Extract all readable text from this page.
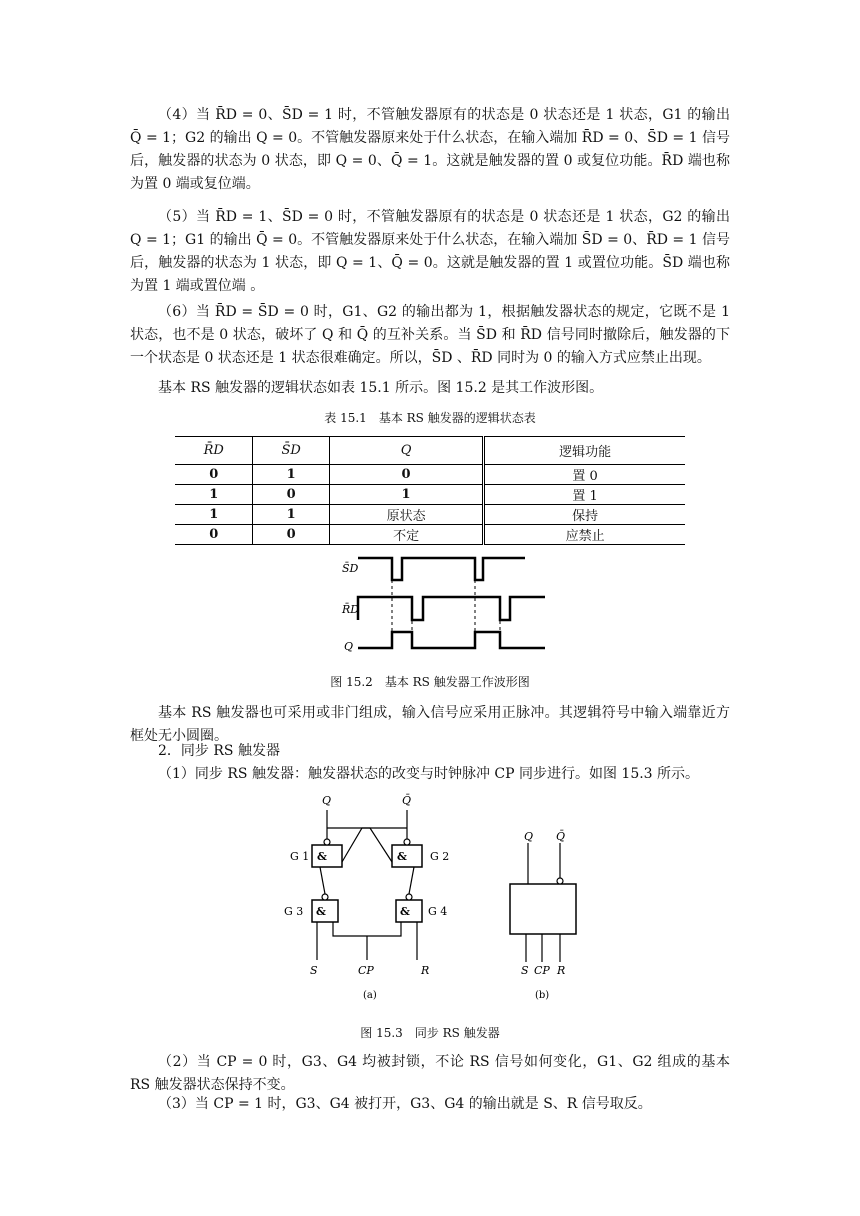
（4）当 R̄D = 0、S̄D = 1 时，不管触发器原有的状态是 0 状态还是 1 状态，G1 的输出 Q̄ = 1；G2 的输出 Q = 0。不管触发器原来处于什么状态，在输入端加 R̄D = 0、S̄D = 1 信号后，触发器的状态为 0 状态，即 Q = 0、Q̄ = 1。这就是触发器的置 0 或复位功能。R̄D 端也称为置 0 端或复位端。

（5）当 R̄D = 1、S̄D = 0 时，不管触发器原有的状态是 0 状态还是 1 状态，G2 的输出 Q = 1；G1 的输出 Q̄ = 0。不管触发器原来处于什么状态，在输入端加 S̄D = 0、R̄D = 1 信号后，触发器的状态为 1 状态，即 Q = 1、Q̄ = 0。这就是触发器的置 1 或置位功能。S̄D 端也称为置 1 端或置位端 。

（6）当 R̄D = S̄D = 0 时，G1、G2 的输出都为 1，根据触发器状态的规定，它既不是 1 状态，也不是 0 状态，破坏了 Q 和 Q̄ 的互补关系。当 S̄D 和 R̄D 信号同时撤除后，触发器的下一个状态是 0 状态还是 1 状态很难确定。所以，S̄D 、R̄D 同时为 0 的输入方式应禁止出现。

基本 RS 触发器的逻辑状态如表 15.1 所示。图 15.2 是其工作波形图。

表 15.1　基本 RS 触发器的逻辑状态表
R̄D	S̄D	Q	逻辑功能
0	1	0	置 0
1	0	1	置 1
1	1	原状态	保持
0	0	不定	应禁止
S̄D
R̄D
Q
图 15.2　基本 RS 触发器工作波形图

基本 RS 触发器也可采用或非门组成，输入信号应采用正脉冲。其逻辑符号中输入端靠近方框处无小圆圈。

2．同步 RS 触发器

（1）同步 RS 触发器：触发器状态的改变与时钟脉冲 CP 同步进行。如图 15.3 所示。

&	&
&	&
G 1	G 2
G 3	G 4
Q	Q̄
S	CP	R
Q Q̄
S CP R
(a)	(b)
图 15.3　同步 RS 触发器

（2）当 CP = 0 时，G3、G4 均被封锁，不论 RS 信号如何变化，G1、G2 组成的基本 RS 触发器状态保持不变。

（3）当 CP = 1 时，G3、G4 被打开，G3、G4 的输出就是 S、R 信号取反。
